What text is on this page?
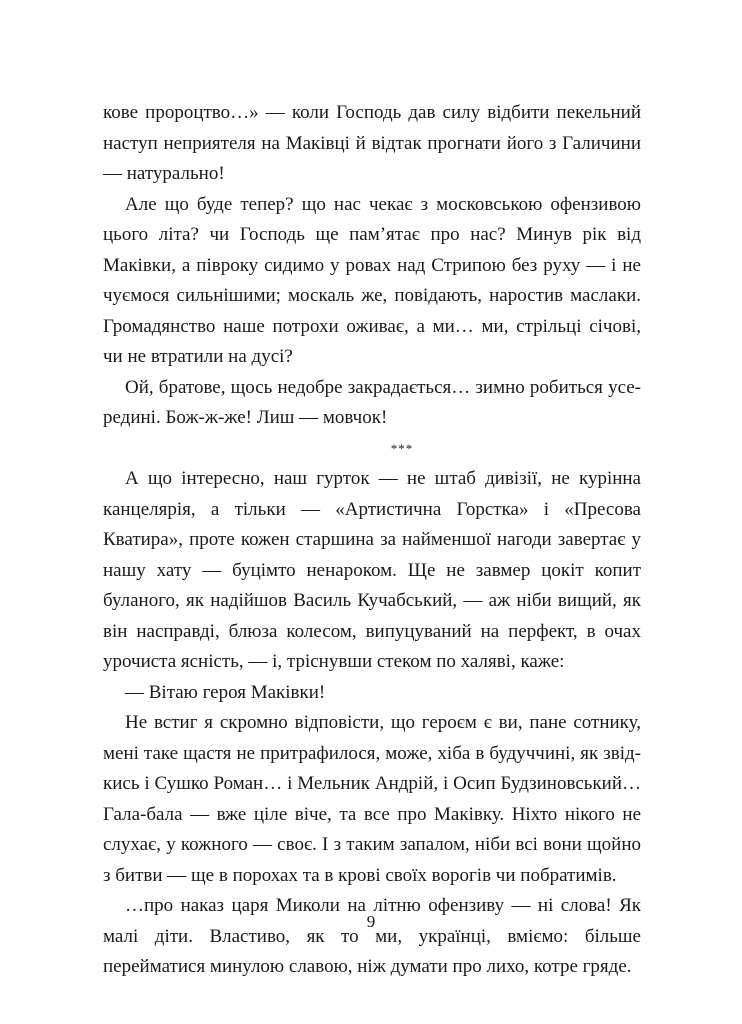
кове пророцтво…» — коли Господь дав силу відбити пекельний наступ неприятеля на Маківці й відтак прогнати його з Галичини — натурально!

Але що буде тепер? що нас чекає з московською офензивою цього літа? чи Господь ще пам’ятає про нас? Минув рік від Маківки, а півроку сидимо у ровах над Стрипою без руху — і не чуємося сильнішими; москаль же, повідають, наростив маслаки. Громадянство наше потрохи оживає, а ми… ми, стрільці січові, чи не втратили на дусі?

Ой, братове, щось недобре закрадається… зимно робиться усередині. Бож-ж-же! Лиш — мовчок!

***

А що інтересно, наш гурток — не штаб дивізії, не курінна канцелярія, а тільки — «Артистична Горстка» і «Пресова Кватира», проте кожен старшина за найменшої нагоди завертає у нашу хату — буцімто ненароком. Ще не завмер цокіт копит буланого, як надійшов Василь Кучабський, — аж ніби вищий, як він насправді, блюза колесом, випуцуваний на перфект, в очах урочиста ясність, — і, тріснувши стеком по халяві, каже:

— Вітаю героя Маківки!

Не встиг я скромно відповісти, що героєм є ви, пане сотнику, мені таке щастя не притрафилося, може, хіба в будуччині, як звідкись і Сушко Роман… і Мельник Андрій, і Осип Будзиновський… Гала-бала — вже ціле віче, та все про Маківку. Ніхто нікого не слухає, у кожного — своє. І з таким запалом, ніби всі вони щойно з битви — ще в порохах та в крові своїх ворогів чи побратимів.

…про наказ царя Миколи на літню офензиву — ні слова! Як малі діти. Властиво, як то ми, українці, вміємо: більше перейматися минулою славою, ніж думати про лихо, котре гряде.

9
